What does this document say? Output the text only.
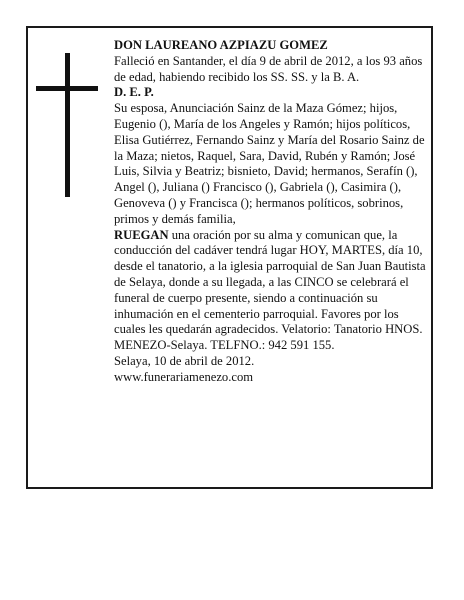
DON LAUREANO AZPIAZU GOMEZ

Falleció en Santander, el día 9 de abril de 2012, a los 93 años de edad, habiendo recibido los SS. SS. y la B. A.

D. E. P.

Su esposa, Anunciación Sainz de la Maza Gómez; hijos, Eugenio (), María de los Angeles y Ramón; hijos políticos, Elisa Gutiérrez, Fernando Sainz y María del Rosario Sainz de la Maza; nietos, Raquel, Sara, David, Rubén y Ramón; José Luis, Silvia y Beatriz; bisnieto, David; hermanos, Serafín (), Angel (), Juliana () Francisco (), Gabriela (), Casimira (), Genoveva () y Francisca (); hermanos políticos, sobrinos, primos y demás familia,

RUEGAN una oración por su alma y comunican que, la conducción del cadáver tendrá lugar HOY, MARTES, día 10, desde el tanatorio, a la iglesia parroquial de San Juan Bautista de Selaya, donde a su llegada, a las CINCO se celebrará el funeral de cuerpo presente, siendo a continuación su inhumación en el cementerio parroquial. Favores por los cuales les quedarán agradecidos. Velatorio: Tanatorio HNOS. MENEZO-Selaya. TELFNO.: 942 591 155.

Selaya, 10 de abril de 2012.

www.funerariamenezo.com
